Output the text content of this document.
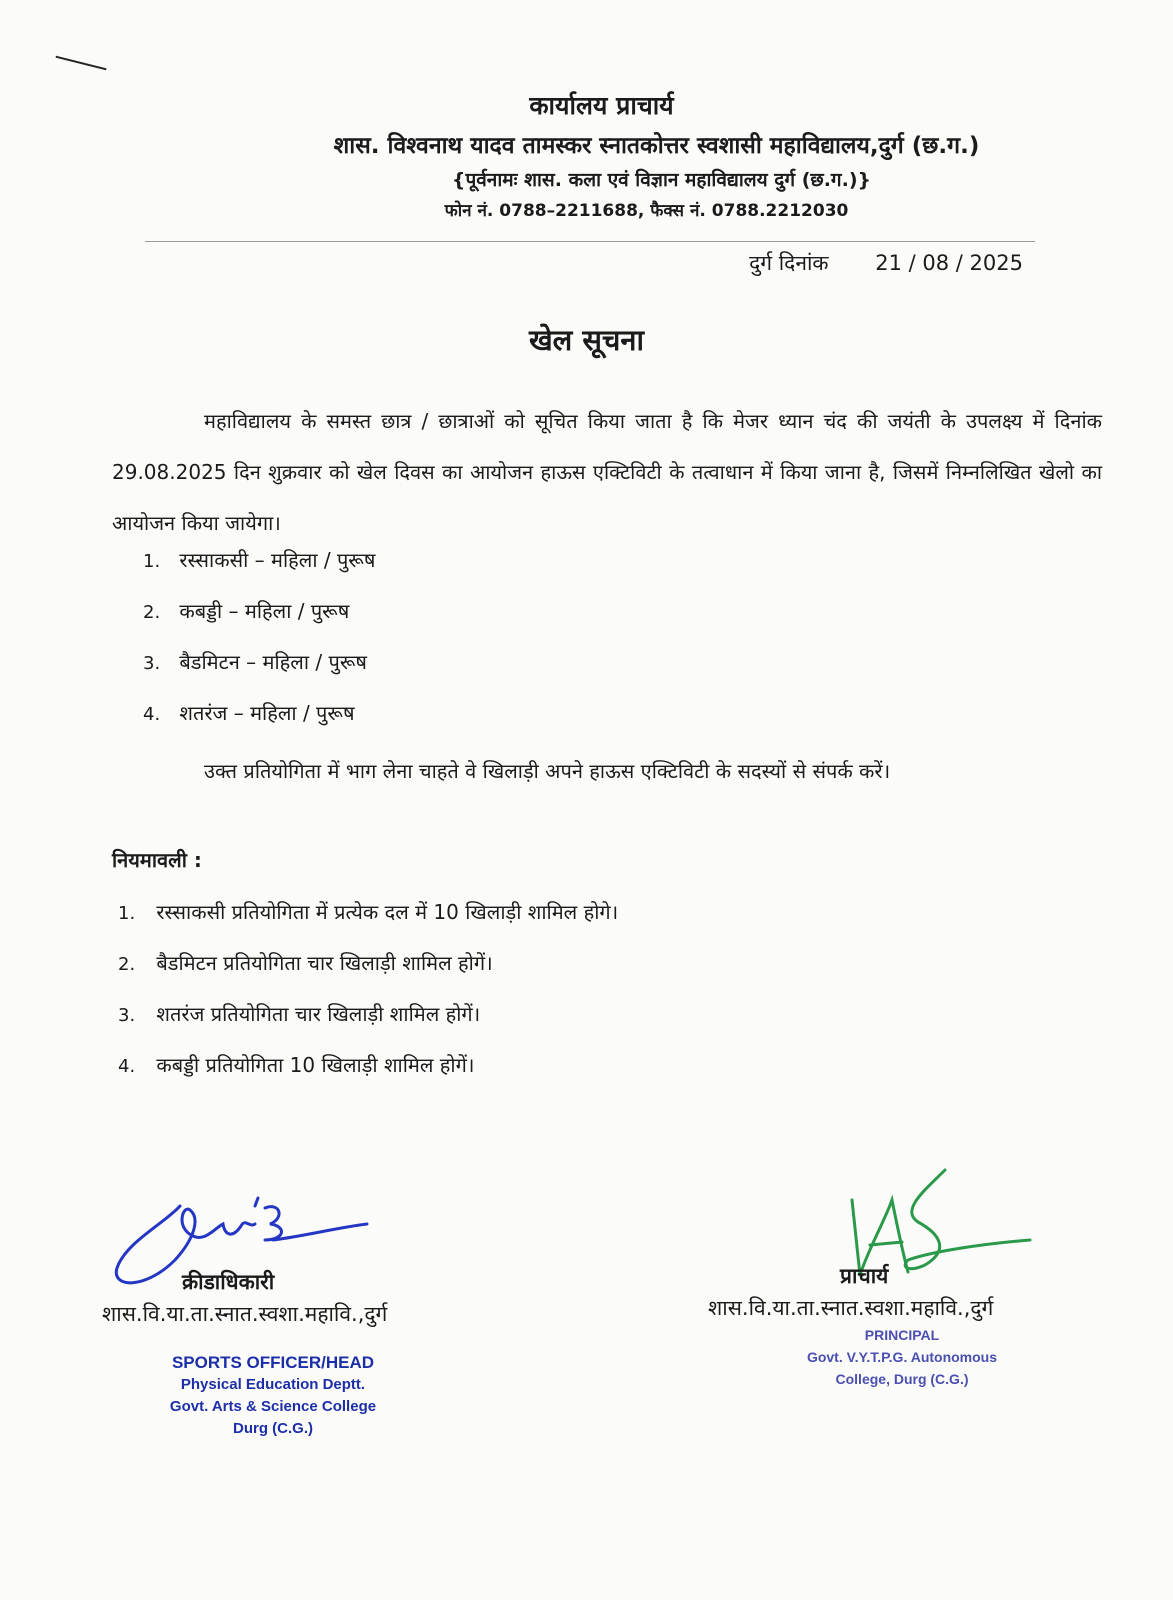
कार्यालय प्राचार्य
शास. विश्वनाथ यादव तामस्कर स्नातकोत्तर स्वशासी महाविद्यालय,दुर्ग (छ.ग.)
{पूर्वनामः शास. कला एवं विज्ञान महाविद्यालय दुर्ग (छ.ग.)}
फोन नं. 0788–2211688, फैक्स नं. 0788.2212030
दुर्ग दिनांक 21 / 08 / 2025
खेल सूचना
महाविद्यालय के समस्त छात्र / छात्राओं को सूचित किया जाता है कि मेजर ध्यान चंद की जयंती के उपलक्ष्य में दिनांक 29.08.2025 दिन शुक्रवार को खेल दिवस का आयोजन हाऊस एक्टिविटी के तत्वाधान में किया जाना है, जिसमें निम्नलिखित खेलो का आयोजन किया जायेगा।
1. रस्साकसी – महिला / पुरूष
2. कबड्डी – महिला / पुरूष
3. बैडमिटन – महिला / पुरूष
4. शतरंज – महिला / पुरूष
उक्त प्रतियोगिता में भाग लेना चाहते वे खिलाड़ी अपने हाऊस एक्टिविटी के सदस्यों से संपर्क करें।
नियमावली :
1. रस्साकसी प्रतियोगिता में प्रत्येक दल में 10 खिलाड़ी शामिल होगे।
2. बैडमिटन प्रतियोगिता चार खिलाड़ी शामिल होगें।
3. शतरंज प्रतियोगिता चार खिलाड़ी शामिल होगें।
4. कबड्डी प्रतियोगिता 10 खिलाड़ी शामिल होगें।
क्रीडाधिकारी
शास.वि.या.ता.स्नात.स्वशा.महावि.,दुर्ग
SPORTS OFFICER/HEAD
Physical Education Deptt.
Govt. Arts & Science College
Durg (C.G.)
प्राचार्य
शास.वि.या.ता.स्नात.स्वशा.महावि.,दुर्ग
PRINCIPAL
Govt. V.Y.T.P.G. Autonomous
College, Durg (C.G.)
